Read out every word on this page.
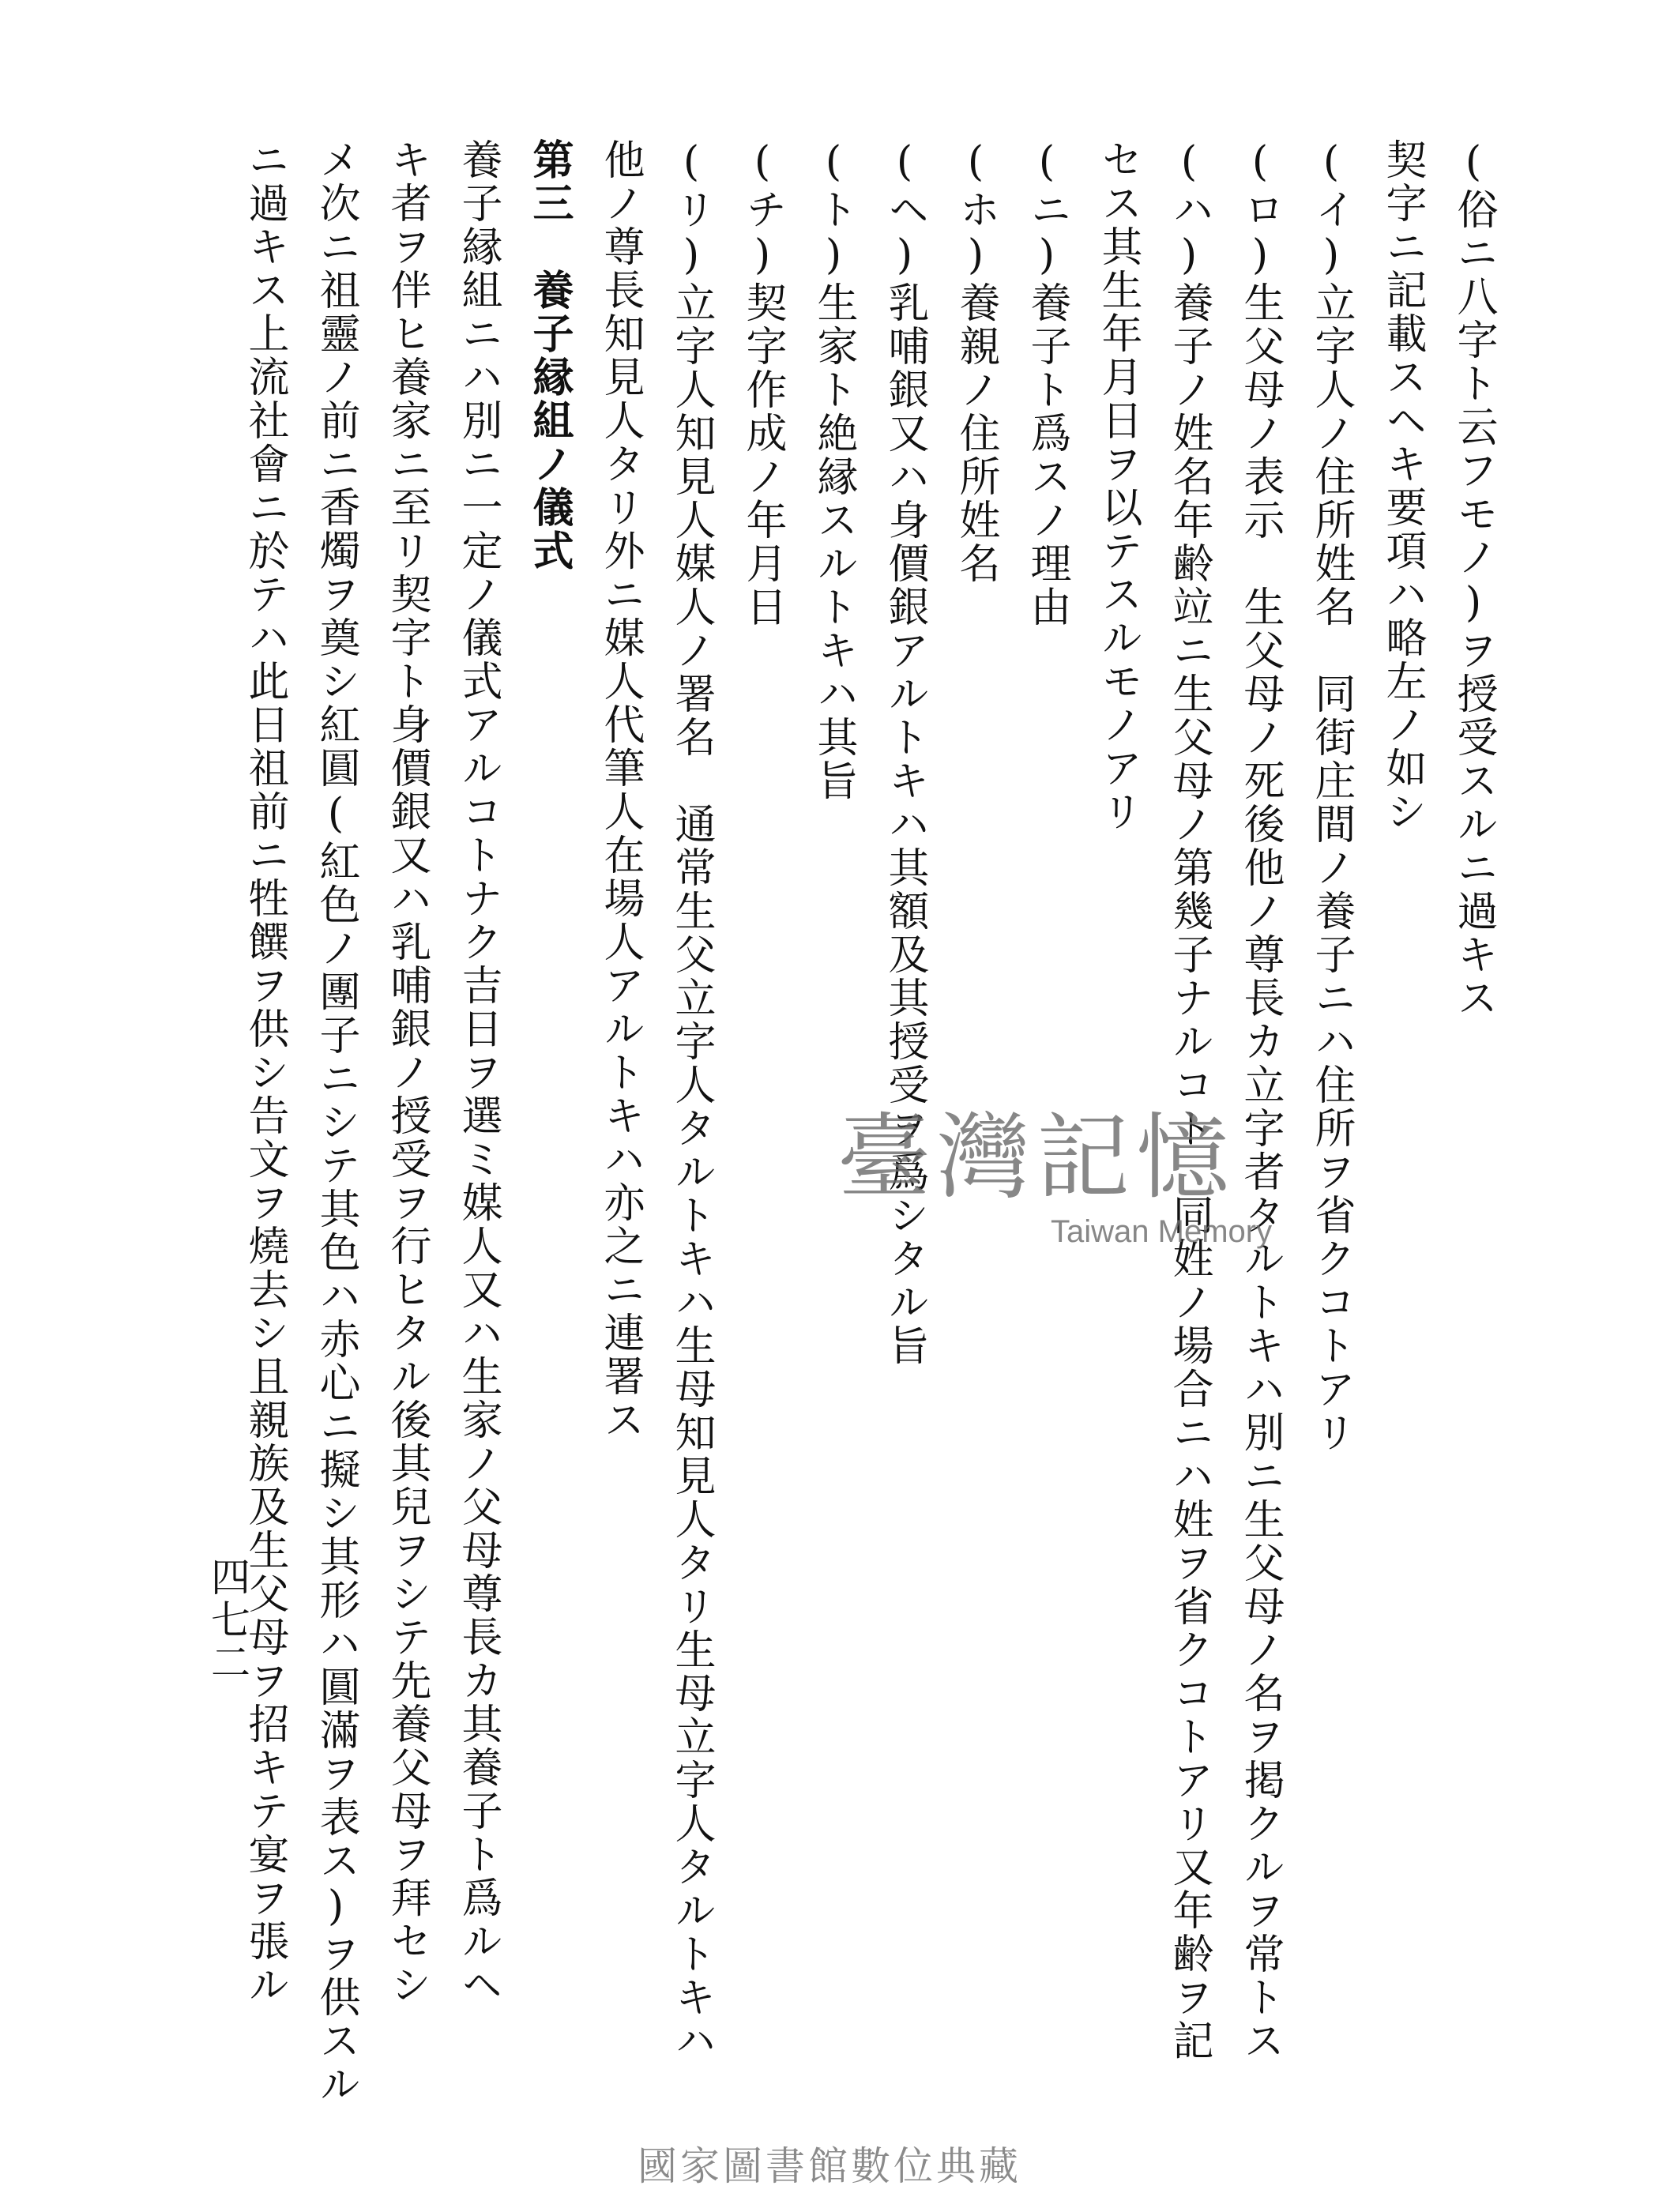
(俗ニ八字ト云フモノ)ヲ授受スルニ過キス
契字ニ記載スヘキ要項ハ略左ノ如シ
(イ)立字人ノ住所姓名　同街庄間ノ養子ニハ住所ヲ省クコトアリ
(ロ)生父母ノ表示　生父母ノ死後他ノ尊長カ立字者タルトキハ別ニ生父母ノ名ヲ掲クルヲ常トス
(ハ)養子ノ姓名年齢竝ニ生父母ノ第幾子ナルコト　同姓ノ場合ニハ姓ヲ省クコトアリ又年齢ヲ記
セス其生年月日ヲ以テスルモノアリ
(ニ)養子ト爲スノ理由
(ホ)養親ノ住所姓名
(ヘ)乳哺銀又ハ身價銀アルトキハ其額及其授受ヲ爲シタル旨
(ト)生家ト絶縁スルトキハ其旨
(チ)契字作成ノ年月日
(リ)立字人知見人媒人ノ署名　通常生父立字人タルトキハ生母知見人タリ生母立字人タルトキハ
他ノ尊長知見人タリ外ニ媒人代筆人在場人アルトキハ亦之ニ連署ス
第三　養子縁組ノ儀式
養子縁組ニハ別ニ一定ノ儀式アルコトナク吉日ヲ選ミ媒人又ハ生家ノ父母尊長カ其養子ト爲ルヘ
キ者ヲ伴ヒ養家ニ至リ契字ト身價銀又ハ乳哺銀ノ授受ヲ行ヒタル後其兒ヲシテ先養父母ヲ拜セシ
メ次ニ祖靈ノ前ニ香燭ヲ奠シ紅圓(紅色ノ團子ニシテ其色ハ赤心ニ擬シ其形ハ圓滿ヲ表ス)ヲ供スル
ニ過キス上流社會ニ於テハ此日祖前ニ牲饌ヲ供シ告文ヲ燒去シ且親族及生父母ヲ招キテ宴ヲ張ル
四七二
臺灣記憶
Taiwan Memory
國家圖書館數位典藏
